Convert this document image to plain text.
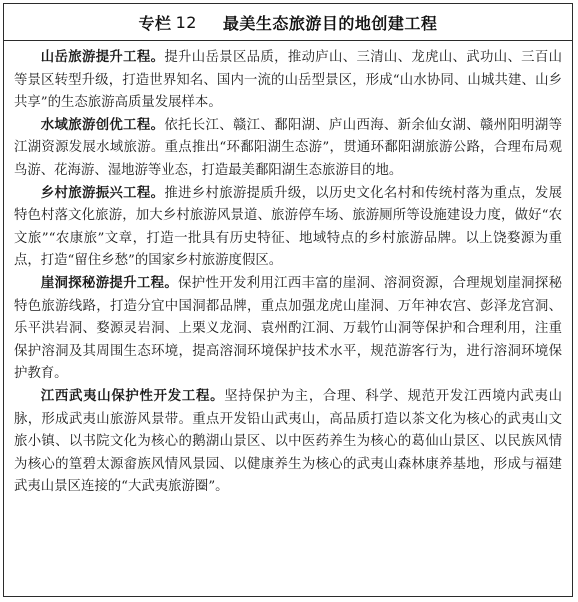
专栏 12 最美生态旅游目的地创建工程

山岳旅游提升工程。提升山岳景区品质，推动庐山、三清山、龙虎山、武功山、三百山等景区转型升级，打造世界知名、国内一流的山岳型景区，形成“山水协同、山城共建、山乡共享”的生态旅游高质量发展样本。

水域旅游创优工程。依托长江、赣江、鄱阳湖、庐山西海、新余仙女湖、赣州阳明湖等江湖资源发展水域旅游。重点推出“环鄱阳湖生态游”，贯通环鄱阳湖旅游公路，合理布局观鸟游、花海游、湿地游等业态，打造最美鄱阳湖生态旅游目的地。

乡村旅游振兴工程。推进乡村旅游提质升级，以历史文化名村和传统村落为重点，发展特色村落文化旅游，加大乡村旅游风景道、旅游停车场、旅游厕所等设施建设力度，做好“农文旅”“农康旅”文章，打造一批具有历史特征、地域特点的乡村旅游品牌。以上饶婺源为重点，打造“留住乡愁”的国家乡村旅游度假区。

崖洞探秘游提升工程。保护性开发利用江西丰富的崖洞、溶洞资源，合理规划崖洞探秘特色旅游线路，打造分宜中国洞都品牌，重点加强龙虎山崖洞、万年神农宫、彭泽龙宫洞、乐平洪岩洞、婺源灵岩洞、上栗义龙洞、袁州酌江洞、万载竹山洞等保护和合理利用，注重保护溶洞及其周围生态环境，提高溶洞环境保护技术水平，规范游客行为，进行溶洞环境保护教育。

江西武夷山保护性开发工程。坚持保护为主，合理、科学、规范开发江西境内武夷山脉，形成武夷山旅游风景带。重点开发铅山武夷山，高品质打造以茶文化为核心的武夷山文旅小镇、以书院文化为核心的鹅湖山景区、以中医药养生为核心的葛仙山景区、以民族风情为核心的篁碧太源畲族风情风景园、以健康养生为核心的武夷山森林康养基地，形成与福建武夷山景区连接的“大武夷旅游圈”。
